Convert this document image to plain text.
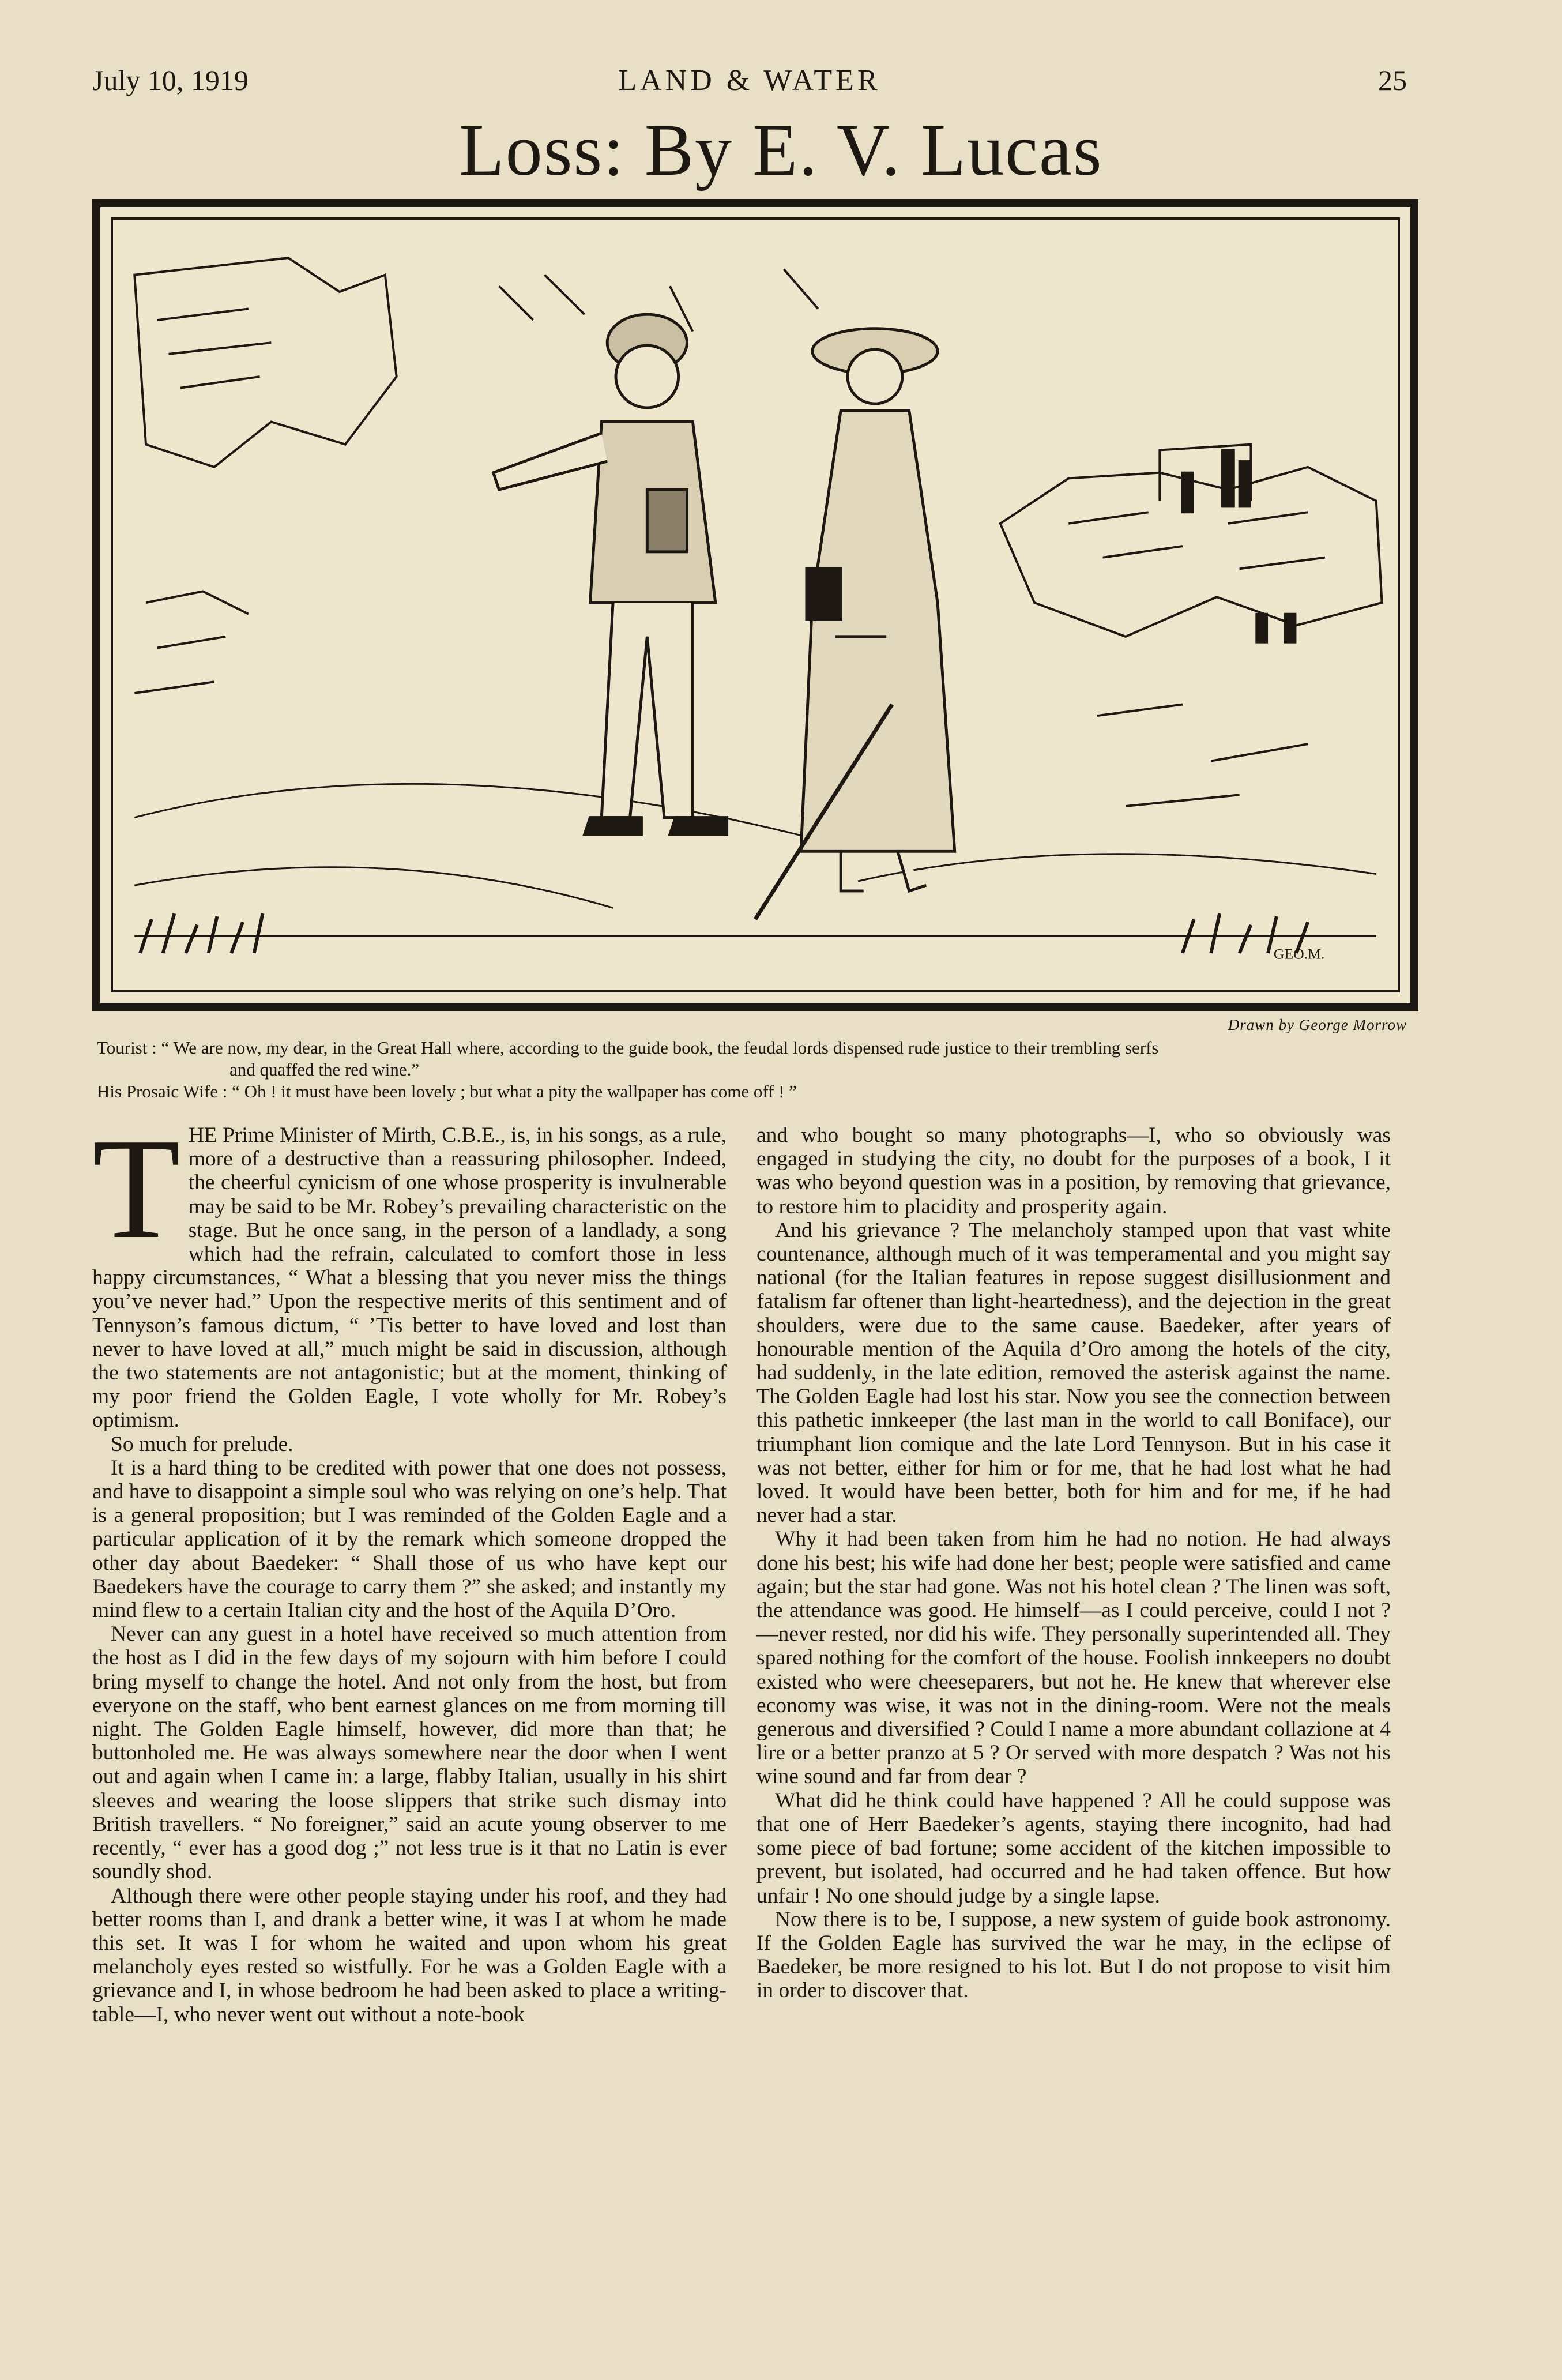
July 10, 1919	LAND & WATER	25
Loss: By E. V. Lucas
GEO.M.
Drawn by George Morrow

Tourist : “ We are now, my dear, in the Great Hall where, according to the guide book, the feudal lords dispensed rude justice to their trembling serfs

and quaffed the red wine.”

His Prosaic Wife : “ Oh ! it must have been lovely ; but what a pity the wallpaper has come off ! ”

THE Prime Minister of Mirth, C.B.E., is, in his songs, as a rule, more of a destructive than a reassuring philosopher. Indeed, the cheerful cynicism of one whose prosperity is invulnerable may be said to be Mr. Robey’s prevailing characteristic on the stage. But he once sang, in the person of a landlady, a song which had the refrain, calculated to comfort those in less happy circumstances, “ What a blessing that you never miss the things you’ve never had.” Upon the respective merits of this sentiment and of Tennyson’s famous dictum, “ ’Tis better to have loved and lost than never to have loved at all,” much might be said in discussion, although the two statements are not antagonistic; but at the moment, thinking of my poor friend the Golden Eagle, I vote wholly for Mr. Robey’s optimism.

So much for prelude.

It is a hard thing to be credited with power that one does not possess, and have to disappoint a simple soul who was relying on one’s help. That is a general proposition; but I was reminded of the Golden Eagle and a particular application of it by the remark which someone dropped the other day about Baedeker: “ Shall those of us who have kept our Baedekers have the courage to carry them ?” she asked; and instantly my mind flew to a certain Italian city and the host of the Aquila D’Oro.

Never can any guest in a hotel have received so much attention from the host as I did in the few days of my sojourn with him before I could bring myself to change the hotel. And not only from the host, but from everyone on the staff, who bent earnest glances on me from morning till night. The Golden Eagle himself, however, did more than that; he buttonholed me. He was always somewhere near the door when I went out and again when I came in: a large, flabby Italian, usually in his shirt sleeves and wearing the loose slippers that strike such dismay into British travellers. “ No foreigner,” said an acute young observer to me recently, “ ever has a good dog ;” not less true is it that no Latin is ever soundly shod.

Although there were other people staying under his roof, and they had better rooms than I, and drank a better wine, it was I at whom he made this set. It was I for whom he waited and upon whom his great melancholy eyes rested so wistfully. For he was a Golden Eagle with a grievance and I, in whose bedroom he had been asked to place a writing-table—I, who never went out without a note-book

and who bought so many photographs—I, who so obviously was engaged in studying the city, no doubt for the purposes of a book, I it was who beyond question was in a position, by removing that grievance, to restore him to placidity and prosperity again.

And his grievance ? The melancholy stamped upon that vast white countenance, although much of it was temperamental and you might say national (for the Italian features in repose suggest disillusionment and fatalism far oftener than light-heartedness), and the dejection in the great shoulders, were due to the same cause. Baedeker, after years of honourable mention of the Aquila d’Oro among the hotels of the city, had suddenly, in the late edition, removed the asterisk against the name. The Golden Eagle had lost his star. Now you see the connection between this pathetic innkeeper (the last man in the world to call Boniface), our triumphant lion comique and the late Lord Tennyson. But in his case it was not better, either for him or for me, that he had lost what he had loved. It would have been better, both for him and for me, if he had never had a star.

Why it had been taken from him he had no notion. He had always done his best; his wife had done her best; people were satisfied and came again; but the star had gone. Was not his hotel clean ? The linen was soft, the attendance was good. He himself—as I could perceive, could I not ?—never rested, nor did his wife. They personally superintended all. They spared nothing for the comfort of the house. Foolish innkeepers no doubt existed who were cheeseparers, but not he. He knew that wherever else economy was wise, it was not in the dining-room. Were not the meals generous and diversified ? Could I name a more abundant collazione at 4 lire or a better pranzo at 5 ? Or served with more despatch ? Was not his wine sound and far from dear ?

What did he think could have happened ? All he could suppose was that one of Herr Baedeker’s agents, staying there incognito, had had some piece of bad fortune; some accident of the kitchen impossible to prevent, but isolated, had occurred and he had taken offence. But how unfair ! No one should judge by a single lapse.

Now there is to be, I suppose, a new system of guide book astronomy. If the Golden Eagle has survived the war he may, in the eclipse of Baedeker, be more resigned to his lot. But I do not propose to visit him in order to discover that.
